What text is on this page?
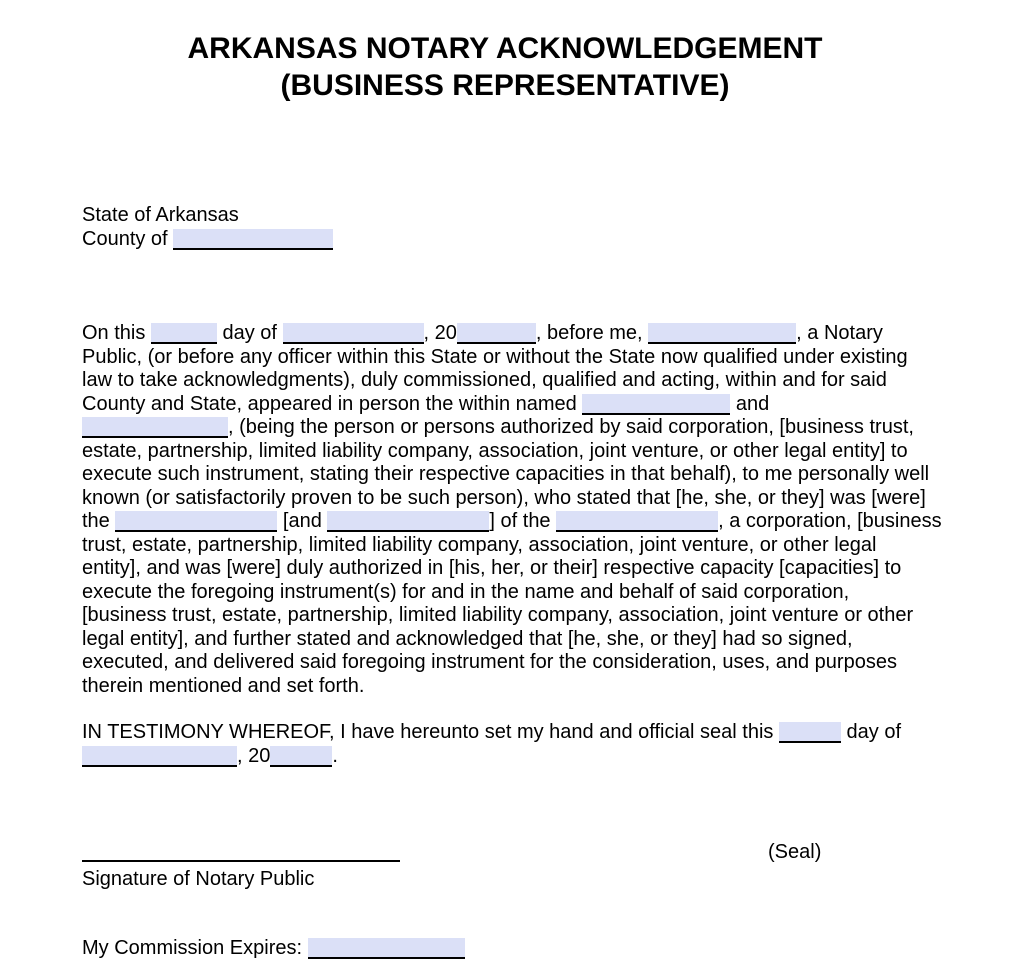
ARKANSAS NOTARY ACKNOWLEDGEMENT
(BUSINESS REPRESENTATIVE)
State of Arkansas
County of
On this	day of	, 20	, before me,	, a Notary
Public, (or before any officer within this State or without the State now qualified under existing
law to take acknowledgments), duly commissioned, qualified and acting, within and for said
County and State, appeared in person the within named	and
, (being the person or persons authorized by said corporation, [business trust,
estate, partnership, limited liability company, association, joint venture, or other legal entity] to
execute such instrument, stating their respective capacities in that behalf), to me personally well
known (or satisfactorily proven to be such person), who stated that [he, she, or they] was [were]
the	[and	] of the	, a corporation, [business
trust, estate, partnership, limited liability company, association, joint venture, or other legal
entity], and was [were] duly authorized in [his, her, or their] respective capacity [capacities] to
execute the foregoing instrument(s) for and in the name and behalf of said corporation,
[business trust, estate, partnership, limited liability company, association, joint venture or other
legal entity], and further stated and acknowledged that [he, she, or they] had so signed,
executed, and delivered said foregoing instrument for the consideration, uses, and purposes
therein mentioned and set forth.
IN TESTIMONY WHEREOF, I have hereunto set my hand and official seal this	day of
, 20	.
(Seal)
Signature of Notary Public
My Commission Expires:
